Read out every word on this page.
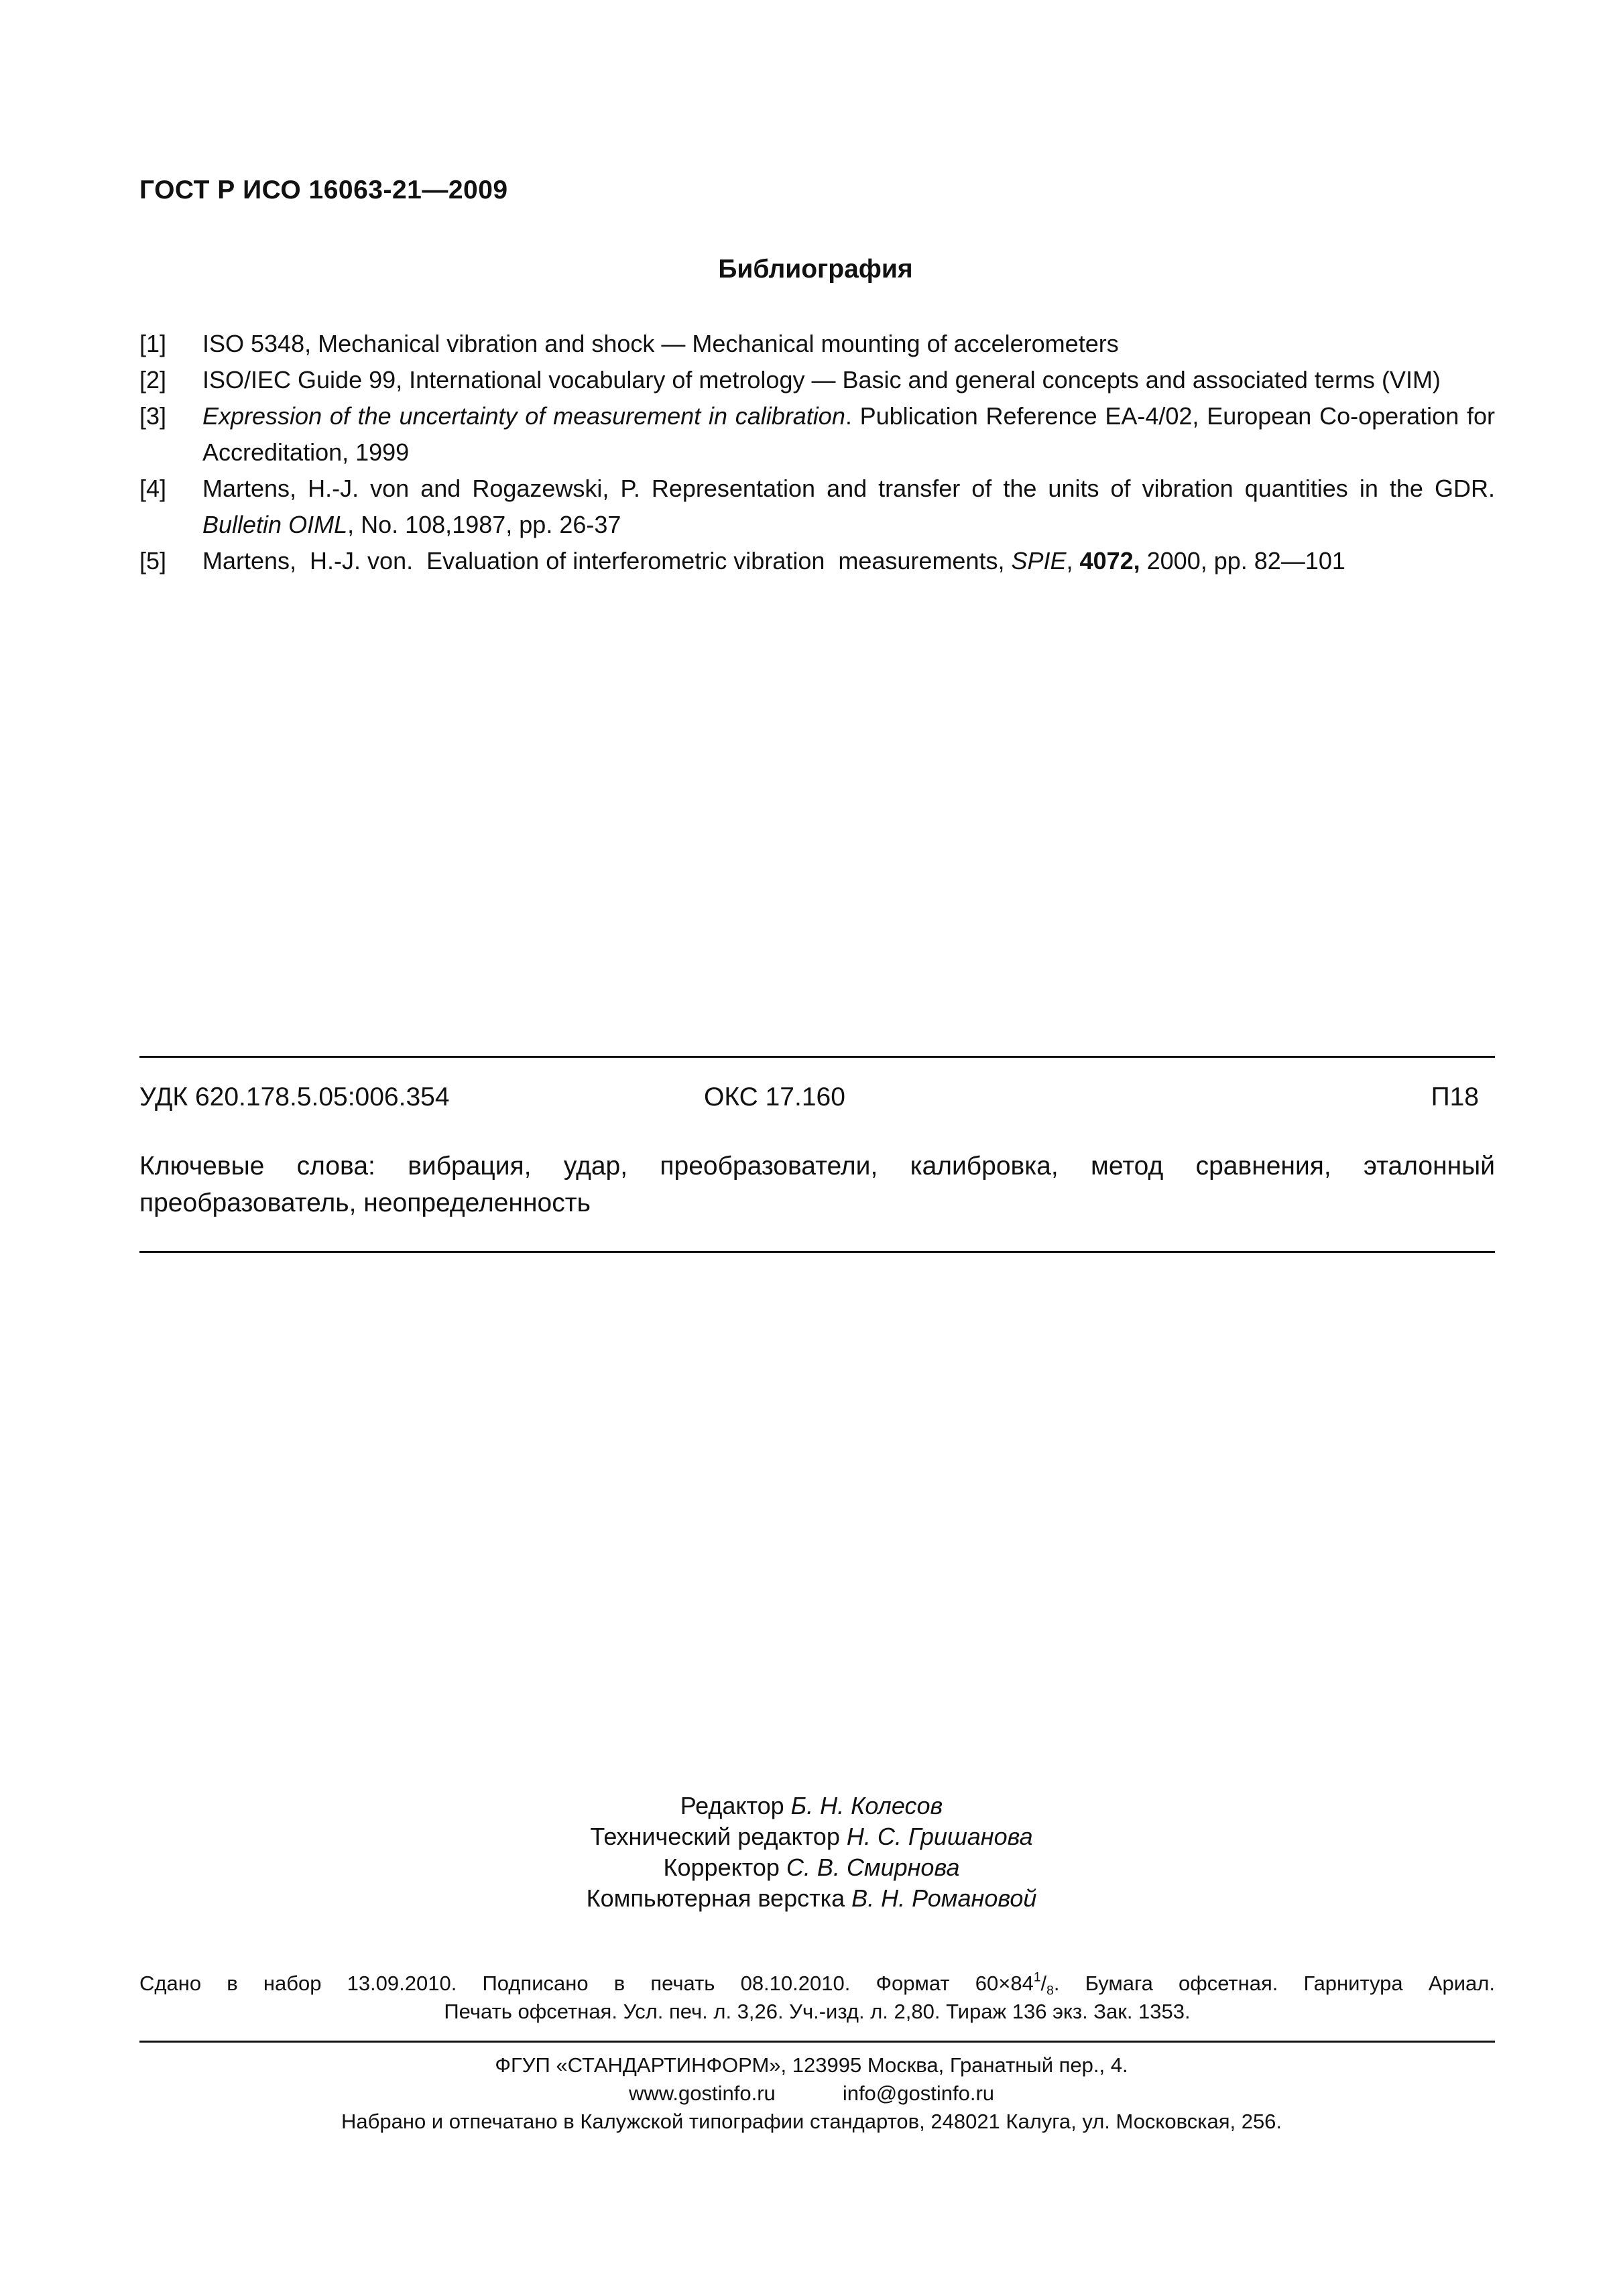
ГОСТ Р ИСО 16063-21—2009
Библиография
[1]	ISO 5348, Mechanical vibration and shock — Mechanical mounting of accelerometers
[2]	ISO/IEC Guide 99, International vocabulary of metrology — Basic and general concepts and associated terms (VIM)
[3]	Expression of the uncertainty of measurement in calibration. Publication Reference EA-4/02, European Co-operation for Accreditation, 1999
[4]	Martens, H.-J. von and Rogazewski, P. Representation and transfer of the units of vibration quantities in the GDR. Bulletin OIML, No. 108,1987, pp. 26-37
[5]	Martens,  H.-J. von.  Evaluation of interferometric vibration  measurements, SPIE, 4072, 2000, pp. 82—101
УДК 620.178.5.05:006.354	ОКС 17.160	П18
Ключевые слова: вибрация, удар, преобразователи, калибровка, метод сравнения, эталонный преобразователь, неопределенность
Редактор Б. Н. Колесов
Технический редактор Н. С. Гришанова
Корректор С. В. Смирнова
Компьютерная верстка В. Н. Романовой
Сдано в набор 13.09.2010. Подписано в печать 08.10.2010. Формат $60\times 84^1/_8$. Бумага офсетная. Гарнитура Ариал.
Печать офсетная. Усл. печ. л. 3,26. Уч.-изд. л. 2,80. Тираж 136 экз. Зак. 1353.
ФГУП «СТАНДАРТИНФОРМ», 123995 Москва, Гранатный пер., 4.
www.gostinfo.ru	info@gostinfo.ru
Набрано и отпечатано в Калужской типографии стандартов, 248021 Калуга, ул. Московская, 256.
